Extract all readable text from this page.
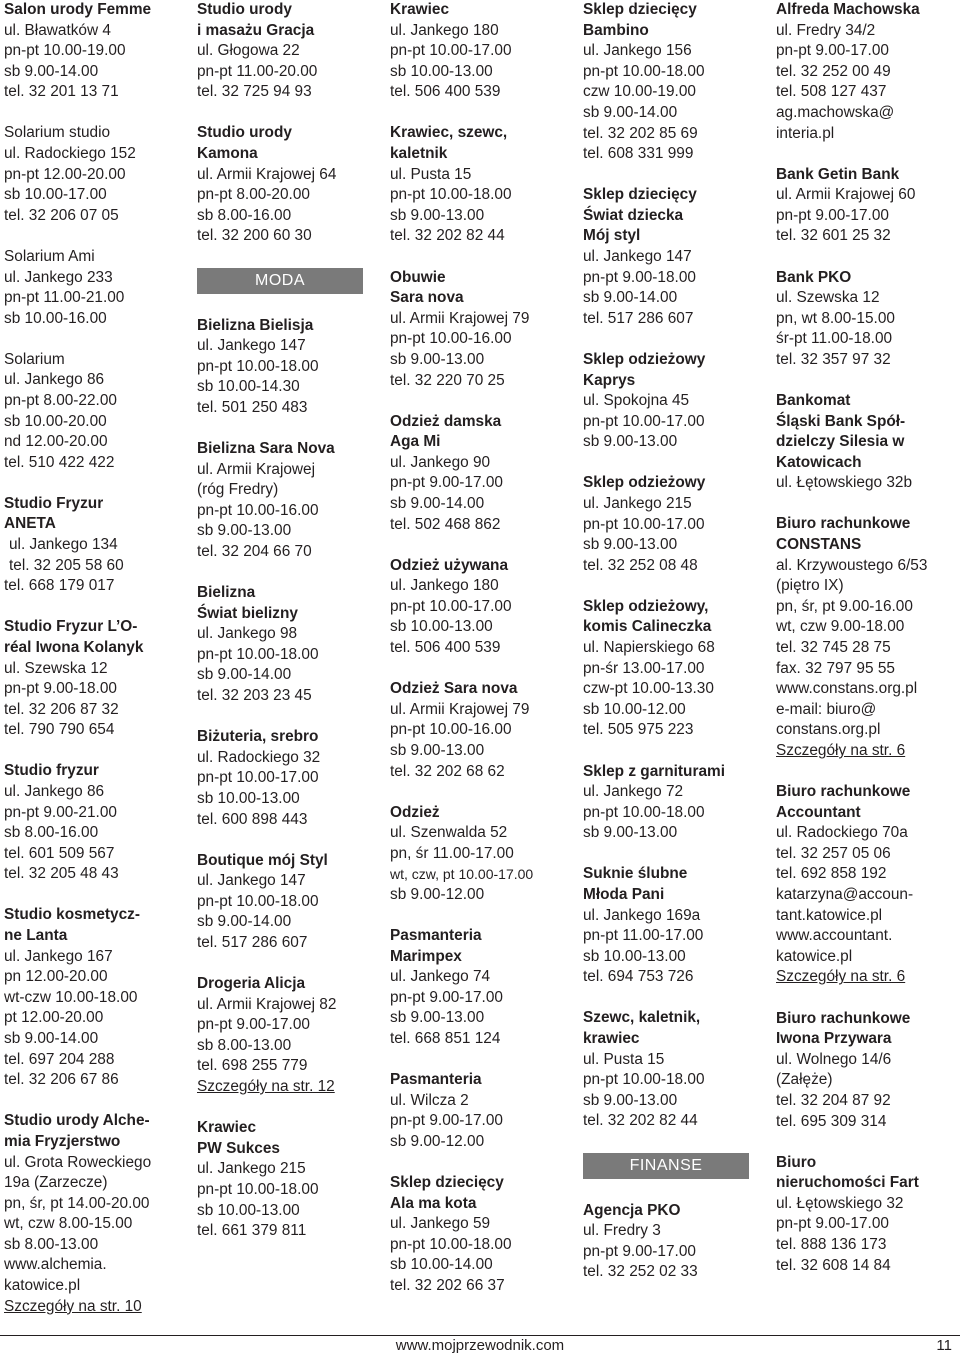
Salon urody Femme
ul. Bławatków 4
pn-pt 10.00-19.00
sb 9.00-14.00
tel. 32 201 13 71
Solarium studio
ul. Radockiego 152
pn-pt 12.00-20.00
sb 10.00-17.00
tel. 32 206 07 05
Solarium Ami
ul. Jankego 233
pn-pt 11.00-21.00
sb 10.00-16.00
Solarium
ul. Jankego 86
pn-pt 8.00-22.00
sb 10.00-20.00
nd 12.00-20.00
tel. 510 422 422
Studio Fryzur
ANETA
ul. Jankego 134
tel. 32 205 58 60
tel. 668 179 017
Studio Fryzur L’O-
réal Iwona Kolanyk
ul. Szewska 12
pn-pt 9.00-18.00
tel. 32 206 87 32
tel. 790 790 654
Studio fryzur
ul. Jankego 86
pn-pt 9.00-21.00
sb 8.00-16.00
tel. 601 509 567
tel. 32 205 48 43
Studio kosmetycz-
ne Lanta
ul. Jankego 167
pn 12.00-20.00
wt-czw 10.00-18.00
pt 12.00-20.00
sb 9.00-14.00
tel. 697 204 288
tel. 32 206 67 86
Studio urody Alche-
mia Fryzjerstwo
ul. Grota Roweckiego
19a (Zarzecze)
pn, śr, pt 14.00-20.00
wt, czw 8.00-15.00
sb 8.00-13.00
www.alchemia.
katowice.pl
Szczegóły na str. 10
Studio urody
i masażu Gracja
ul. Głogowa 22
pn-pt 11.00-20.00
tel. 32 725 94 93
Studio urody
Kamona
ul. Armii Krajowej 64
pn-pt 8.00-20.00
sb 8.00-16.00
tel. 32 200 60 30
MODA
Bielizna Bielisja
ul. Jankego 147
pn-pt 10.00-18.00
sb 10.00-14.30
tel. 501 250 483
Bielizna Sara Nova
ul. Armii Krajowej
(róg Fredry)
pn-pt 10.00-16.00
sb 9.00-13.00
tel. 32 204 66 70
Bielizna
Świat bielizny
ul. Jankego 98
pn-pt 10.00-18.00
sb 9.00-14.00
tel. 32 203 23 45
Biżuteria, srebro
ul. Radockiego 32
pn-pt 10.00-17.00
sb 10.00-13.00
tel. 600 898 443
Boutique mój Styl
ul. Jankego 147
pn-pt 10.00-18.00
sb 9.00-14.00
tel. 517 286 607
Drogeria Alicja
ul. Armii Krajowej 82
pn-pt 9.00-17.00
sb 8.00-13.00
tel. 698 255 779
Szczegóły na str. 12
Krawiec
PW Sukces
ul. Jankego 215
pn-pt 10.00-18.00
sb 10.00-13.00
tel. 661 379 811
Krawiec
ul. Jankego 180
pn-pt 10.00-17.00
sb 10.00-13.00
tel. 506 400 539
Krawiec, szewc,
kaletnik
ul. Pusta 15
pn-pt 10.00-18.00
sb 9.00-13.00
tel. 32 202 82 44
Obuwie
Sara nova
ul. Armii Krajowej 79
pn-pt 10.00-16.00
sb 9.00-13.00
tel. 32 220 70 25
Odzież damska
Aga Mi
ul. Jankego 90
pn-pt 9.00-17.00
sb 9.00-14.00
tel. 502 468 862
Odzież używana
ul. Jankego 180
pn-pt 10.00-17.00
sb 10.00-13.00
tel. 506 400 539
Odzież Sara nova
ul. Armii Krajowej 79
pn-pt 10.00-16.00
sb 9.00-13.00
tel. 32 202 68 62
Odzież
ul. Szenwalda 52
pn, śr 11.00-17.00
wt, czw, pt 10.00-17.00
sb 9.00-12.00
Pasmanteria
Marimpex
ul. Jankego 74
pn-pt 9.00-17.00
sb 9.00-13.00
tel. 668 851 124
Pasmanteria
ul. Wilcza 2
pn-pt 9.00-17.00
sb 9.00-12.00
Sklep dziecięcy
Ala ma kota
ul. Jankego 59
pn-pt 10.00-18.00
sb 10.00-14.00
tel. 32 202 66 37
Sklep dziecięcy
Bambino
ul. Jankego 156
pn-pt 10.00-18.00
czw 10.00-19.00
sb 9.00-14.00
tel. 32 202 85 69
tel. 608 331 999
Sklep dziecięcy
Świat dziecka
Mój styl
ul. Jankego 147
pn-pt 9.00-18.00
sb 9.00-14.00
tel. 517 286 607
Sklep odzieżowy
Kaprys
ul. Spokojna 45
pn-pt 10.00-17.00
sb 9.00-13.00
Sklep odzieżowy
ul. Jankego 215
pn-pt 10.00-17.00
sb 9.00-13.00
tel. 32 252 08 48
Sklep odzieżowy,
komis Calineczka
ul. Napierskiego 68
pn-śr 13.00-17.00
czw-pt 10.00-13.30
sb 10.00-12.00
tel. 505 975 223
Sklep z garniturami
ul. Jankego 72
pn-pt 10.00-18.00
sb 9.00-13.00
Suknie ślubne
Młoda Pani
ul. Jankego 169a
pn-pt 11.00-17.00
sb 10.00-13.00
tel. 694 753 726
Szewc, kaletnik,
krawiec
ul. Pusta 15
pn-pt 10.00-18.00
sb 9.00-13.00
tel. 32 202 82 44
FINANSE
Agencja PKO
ul. Fredry 3
pn-pt 9.00-17.00
tel. 32 252 02 33
Alfreda Machowska
ul. Fredry 34/2
pn-pt 9.00-17.00
tel. 32 252 00 49
tel. 508 127 437
ag.machowska@
interia.pl
Bank Getin Bank
ul. Armii Krajowej 60
pn-pt 9.00-17.00
tel. 32 601 25 32
Bank PKO
ul. Szewska 12
pn, wt 8.00-15.00
śr-pt 11.00-18.00
tel. 32 357 97 32
Bankomat
Śląski Bank Spół-
dzielczy Silesia w
Katowicach
ul. Łętowskiego 32b
Biuro rachunkowe
CONSTANS
al. Krzywoustego 6/53
(piętro IX)
pn, śr, pt 9.00-16.00
wt, czw 9.00-18.00
tel. 32 745 28 75
fax. 32 797 95 55
www.constans.org.pl
e-mail: biuro@
constans.org.pl
Szczegóły na str. 6
Biuro rachunkowe
Accountant
ul. Radockiego 70a
tel. 32 257 05 06
tel. 692 858 192
katarzyna@accoun-
tant.katowice.pl
www.accountant.
katowice.pl
Szczegóły na str. 6
Biuro rachunkowe
Iwona Przywara
ul. Wolnego 14/6
(Załęże)
tel. 32 204 87 92
tel. 695 309 314
Biuro
nieruchomości Fart
ul. Łętowskiego 32
pn-pt 9.00-17.00
tel. 888 136 173
tel. 32 608 14 84
www.mojprzewodnik.com	11
